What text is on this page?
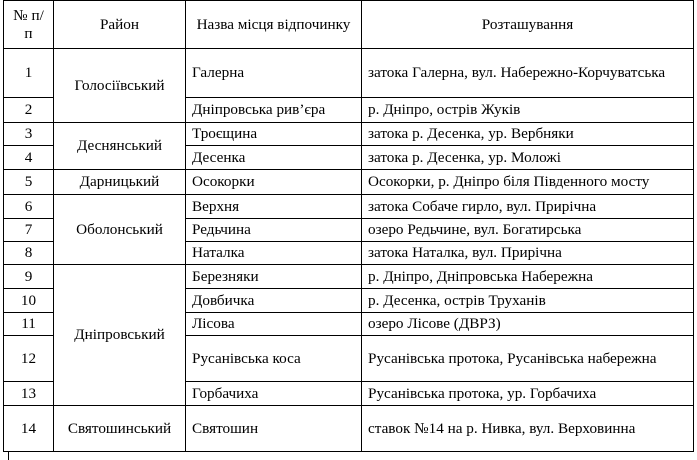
№ п/п	Район	Назва місця відпочинку	Розташування
1	Голосіївський	Галерна	затока Галерна, вул. Набережно-Корчуватська
2		Дніпровська рив’єра	р. Дніпро, острів Жуків
3	Деснянський	Троєщина	затока р. Десенка, ур. Вербняки
4		Десенка	затока р. Десенка, ур. Моложі
5	Дарницький	Осокорки	Осокорки, р. Дніпро біля Південного мосту
6	Оболонський	Верхня	затока Собаче гирло, вул. Прирічна
7		Редьчина	озеро Редьчине, вул. Богатирська
8		Наталка	затока Наталка, вул. Прирічна
9	Дніпровський	Березняки	р. Дніпро, Дніпровська Набережна
10		Довбичка	р. Десенка, острів Труханів
11		Лісова	озеро Лісове (ДВРЗ)
12		Русанівська коса	Русанівська протока, Русанівська набережна
13		Горбачиха	Русанівська протока, ур. Горбачиха
14	Святошинський	Святошин	ставок №14 на р. Нивка, вул. Верховинна
